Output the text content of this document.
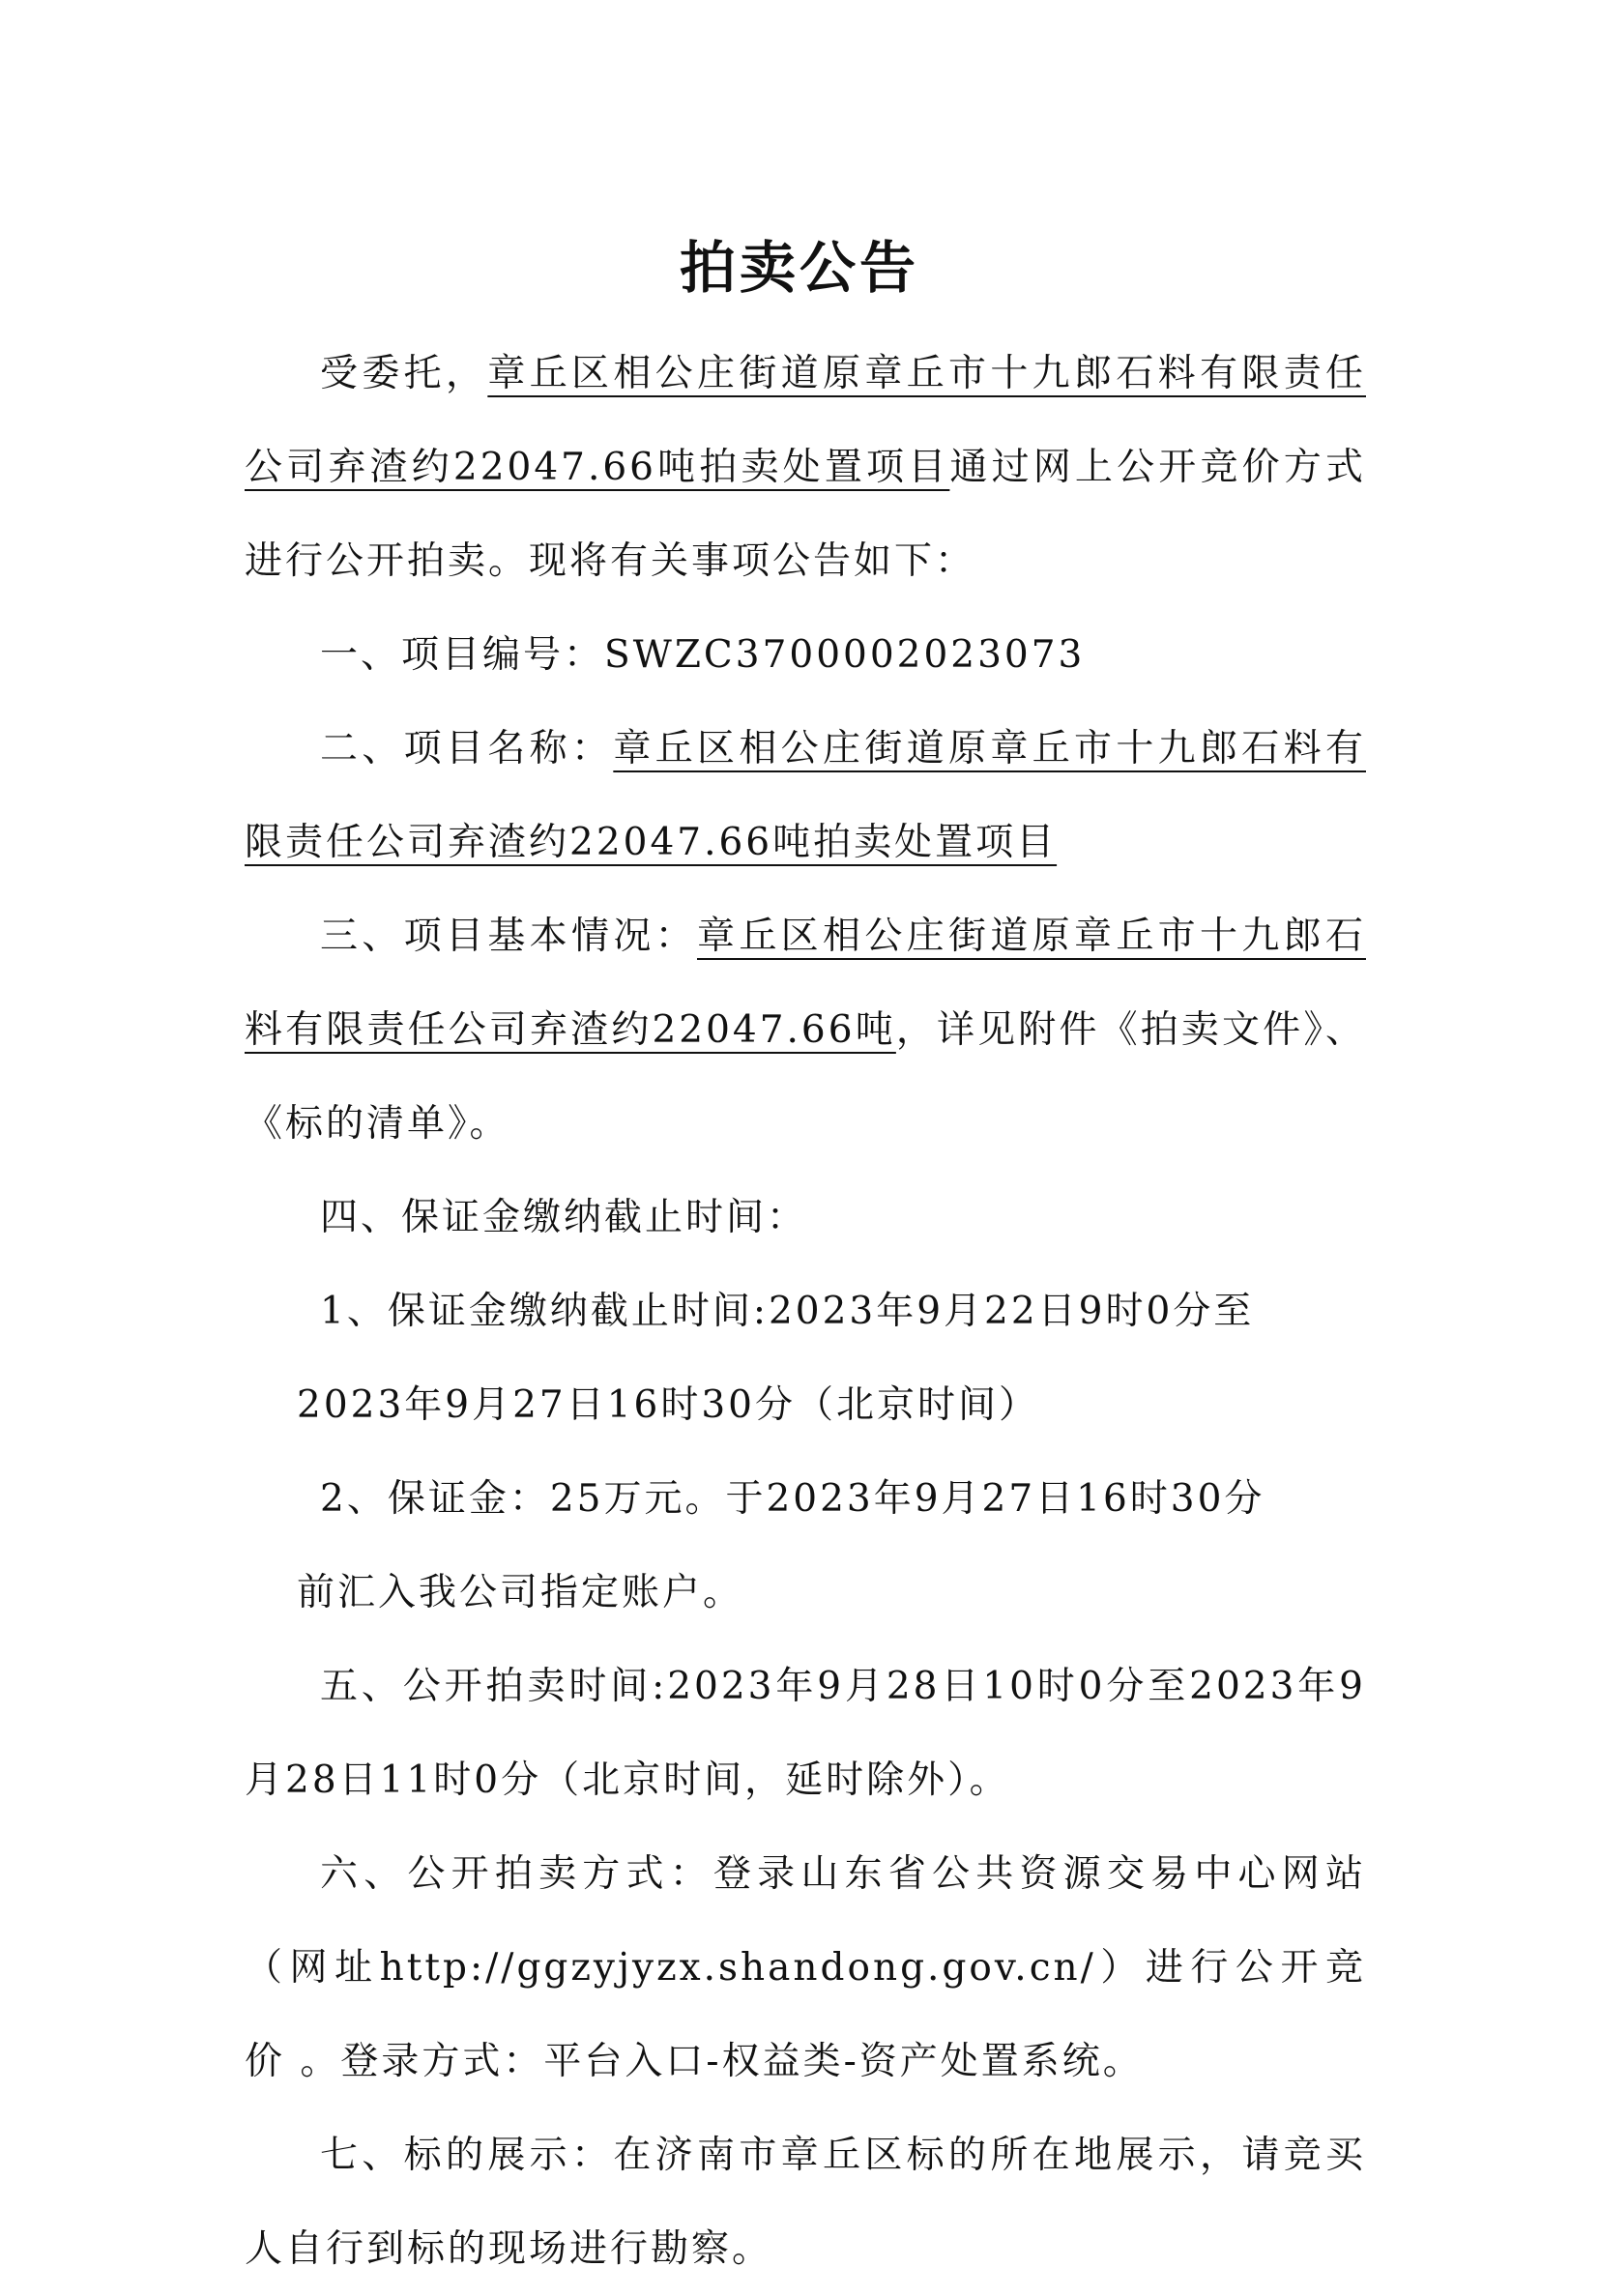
拍卖公告

受委托，章丘区相公庄街道原章丘市十九郎石料有限责任公司弃渣约22047.66吨拍卖处置项目通过网上公开竞价方式进行公开拍卖。现将有关事项公告如下：

一、项目编号：SWZC3700002023073

二、项目名称：章丘区相公庄街道原章丘市十九郎石料有限责任公司弃渣约22047.66吨拍卖处置项目

三、项目基本情况：章丘区相公庄街道原章丘市十九郎石料有限责任公司弃渣约22047.66吨，详见附件《拍卖文件》、《标的清单》。

四、保证金缴纳截止时间：

1、保证金缴纳截止时间:2023年9月22日9时0分至

2023年9月27日16时30分（北京时间）

2、保证金：25万元。于2023年9月27日16时30分

前汇入我公司指定账户。

五、公开拍卖时间:2023年9月28日10时0分至2023年9月28日11时0分（北京时间，延时除外）。

六、公开拍卖方式：登录山东省公共资源交易中心网站（网址http://ggzyjyzx.shandong.gov.cn/）进行公开竞价 。登录方式：平台入口-权益类-资产处置系统。

七、标的展示：在济南市章丘区标的所在地展示，请竞买人自行到标的现场进行勘察。
